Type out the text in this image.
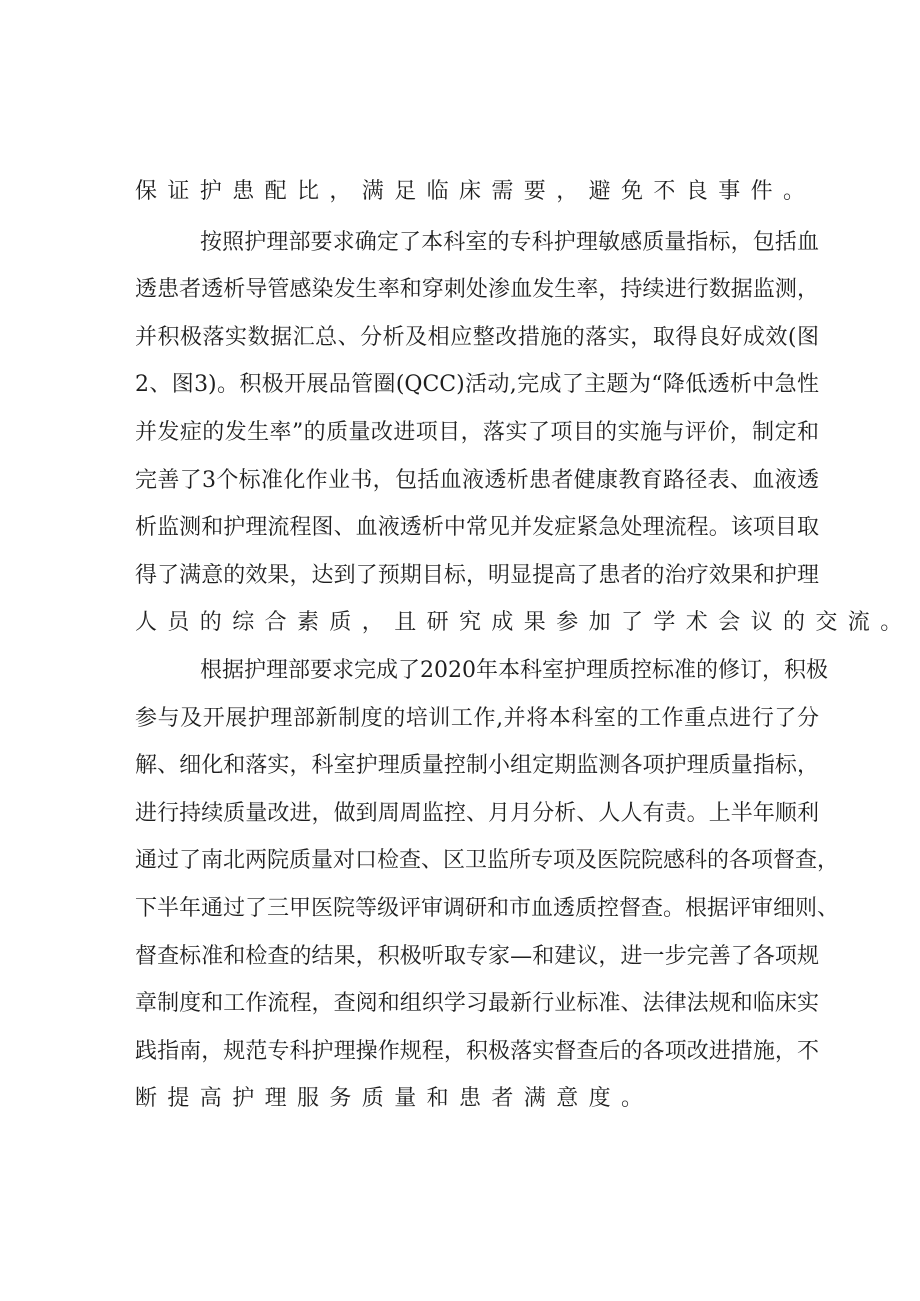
保证护患配比，满足临床需要，避免不良事件。
按照护理部要求确定了本科室的专科护理敏感质量指标，包括血
透患者透析导管感染发生率和穿刺处渗血发生率，持续进行数据监测，
并积极落实数据汇总、分析及相应整改措施的落实，取得良好成效(图
2、图3)。积极开展品管圈(QCC)活动,完成了主题为“降低透析中急性
并发症的发生率”的质量改进项目，落实了项目的实施与评价，制定和
完善了3个标准化作业书，包括血液透析患者健康教育路径表、血液透
析监测和护理流程图、血液透析中常见并发症紧急处理流程。该项目取
得了满意的效果，达到了预期目标，明显提高了患者的治疗效果和护理
人员的综合素质，且研究成果参加了学术会议的交流。
根据护理部要求完成了2020年本科室护理质控标准的修订，积极
参与及开展护理部新制度的培训工作,并将本科室的工作重点进行了分
解、细化和落实，科室护理质量控制小组定期监测各项护理质量指标，
进行持续质量改进，做到周周监控、月月分析、人人有责。上半年顺利
通过了南北两院质量对口检查、区卫监所专项及医院院感科的各项督查，
下半年通过了三甲医院等级评审调研和市血透质控督查。根据评审细则、
督查标准和检查的结果，积极听取专家—和建议，进一步完善了各项规
章制度和工作流程，查阅和组织学习最新行业标准、法律法规和临床实
践指南，规范专科护理操作规程，积极落实督查后的各项改进措施，不
断提高护理服务质量和患者满意度。
